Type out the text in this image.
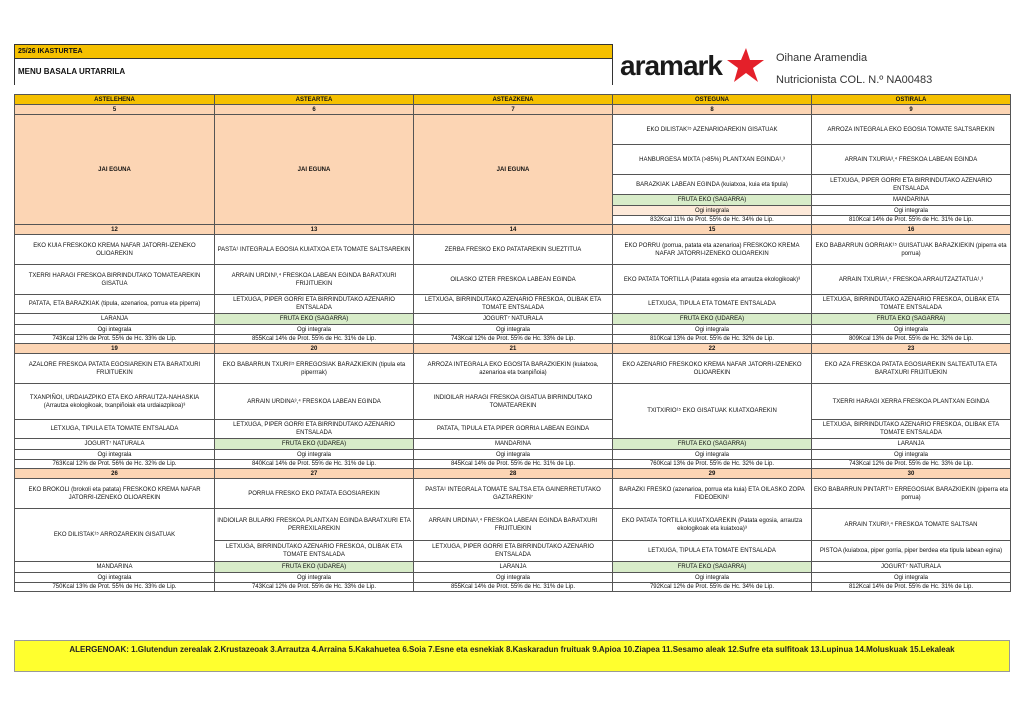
25/26 IKASTURTEA
MENU BASALA URTARRILA	aramark	Oihane Aramendia
Nutricionista COL. N.º NA00483
ASTELEHENA	ASTEARTEA	ASTEAZKENA	OSTEGUNA	OSTIRALA
5	6	7	8	9
JAI EGUNA	JAI EGUNA	JAI EGUNA	EKO DILISTAK¹⁵ AZENARIOAREKIN GISATUAK	ARROZA INTEGRALA EKO EGOSIA TOMATE SALTSAREKIN
			HANBURGESA MIXTA (>85%) PLANTXAN EGINDA¹,³	ARRAIN TXURIA³,⁴ FRESKOA LABEAN EGINDA
			BARAZKIAK LABEAN EGINDA (kuiatxoa, kuia eta tipula)	LETXUGA, PIPER GORRI ETA BIRRINDUTAKO AZENARIO ENTSALADA
			FRUTA EKO (SAGARRA)	MANDARINA
			Ogi integrala	Ogi integrala
			832Kcal 11% de Prot. 55% de Hc. 34% de Lip.	810Kcal 14% de Prot. 55% de Hc. 31% de Lip.
12	13	14	15	16
EKO KUIA FRESKOKO KREMA NAFAR JATORRI-IZENEKO OLIOAREKIN	PASTA¹ INTEGRALA EGOSIA KUIATXOA ETA TOMATE SALTSAREKIN	ZERBA FRESKO EKO PATATAREKIN SUEZTITUA	EKO PORRU (porrua, patata eta azenarioa) FRESKOKO KREMA NAFAR JATORRI-IZENEKO OLIOAREKIN	EKO BABARRUN GORRIAK¹⁵ GUISATUAK BARAZKIEKIN (piperra eta porrua)
TXERRI HARAGI FRESKOA BIRRINDUTAKO TOMATEAREKIN GISATUA	ARRAIN URDIN³,⁴ FRESKOA LABEAN EGINDA BARATXURI FRIJITUEKIN	OILASKO IZTER FRESKOA LABEAN EGINDA	EKO PATATA TORTILLA (Patata egosia eta arrautza ekologikoak)³	ARRAIN TXURIA³,⁴ FRESKOA ARRAUTZAZTATUA¹,³
PATATA, ETA BARAZKIAK (tipula, azenarioa, porrua eta piperra)	LETXUGA, PIPER GORRI ETA BIRRINDUTAKO AZENARIO ENTSALADA	LETXUGA, BIRRINDUTAKO AZENARIO FRESKOA, OLIBAK ETA TOMATE ENTSALADA	LETXUGA, TIPULA ETA TOMATE ENTSALADA	LETXUGA, BIRRINDUTAKO AZENARIO FRESKOA, OLIBAK ETA TOMATE ENTSALADA
LARANJA	FRUTA EKO (SAGARRA)	JOGURT⁷ NATURALA	FRUTA EKO (UDAREA)	FRUTA EKO (SAGARRA)
Ogi integrala	Ogi integrala	Ogi integrala	Ogi integrala	Ogi integrala
743Kcal 12% de Prot. 55% de Hc. 33% de Lip.	855Kcal 14% de Prot. 55% de Hc. 31% de Lip.	743Kcal 12% de Prot. 55% de Hc. 33% de Lip.	810Kcal 13% de Prot. 55% de Hc. 32% de Lip.	809Kcal 13% de Prot. 55% de Hc. 32% de Lip.
19	20	21	22	23
AZALORE FRESKOA PATATA EGOSIAREKIN ETA BARATXURI FRIJITUEKIN	EKO BABARRUN TXURI¹⁵ ERREGOSIAK BARAZKIEKIN (tipula eta piperrrak)	ARROZA INTEGRALA EKO EGOSITA BARAZKIEKIN (kuiatxoa, azenarioa eta txanpiñoia)	EKO AZENARIO FRESKOKO KREMA NAFAR JATORRI-IZENEKO OLIOAREKIN	EKO AZA FRESKOA PATATA EGOSIAREKIN SALTEATUTA ETA BARATXURI FRIJITUEKIN
TXANPIÑOI, URDAIAZPIKO ETA EKO ARRAUTZA-NAHASKIA (Arrautza ekologikoak, txanpiñoiak eta urdaiazpikoa)³	ARRAIN URDINA³,⁴ FRESKOA LABEAN EGINDA	INDIOILAR HARAGI FRESKOA GISATUA BIRRINDUTAKO TOMATEAREKIN	TXITXIRIO¹⁵ EKO GISATUAK KUIATXOAREKIN	TXERRI HARAGI XERRA FRESKOA PLANTXAN EGINDA
LETXUGA, TIPULA ETA TOMATE ENTSALADA	LETXUGA, PIPER GORRI ETA BIRRINDUTAKO AZENARIO ENTSALADA	PATATA, TIPULA ETA PIPER GORRIA LABEAN EGINDA		LETXUGA, BIRRINDUTAKO AZENARIO FRESKOA, OLIBAK ETA TOMATE ENTSALADA
JOGURT⁷ NATURALA	FRUTA EKO (UDAREA)	MANDARINA	FRUTA EKO (SAGARRA)	LARANJA
Ogi integrala	Ogi integrala	Ogi integrala	Ogi integrala	Ogi integrala
763Kcal 12% de Prot. 56% de Hc. 32% de Lip.	840Kcal 14% de Prot. 55% de Hc. 31% de Lip.	845Kcal 14% de Prot. 55% de Hc. 31% de Lip.	760Kcal 13% de Prot. 55% de Hc. 32% de Lip.	743Kcal 12% de Prot. 55% de Hc. 33% de Lip.
26	27	28	29	30
EKO BROKOLI (brokoli eta patata) FRESKOKO KREMA NAFAR JATORRI-IZENEKO OLIOAREKIN	PORRUA FRESKO EKO PATATA EGOSIAREKIN	PASTA¹ INTEGRALA TOMATE SALTSA ETA GAINERRETUTAKO GAZTAREKIN⁷	BARAZKI FRESKO (azenarioa, porrua eta kuia) ETA OILASKO ZOPA FIDEOEKIN¹	EKO BABARRUN PINTART¹⁵ ERREGOSIAK BARAZKIEKIN (piperra eta porrua)
EKO DILISTAK¹⁵ ARROZAREKIN GISATUAK	INDIOILAR BULARKI FRESKOA PLANTXAN EGINDA BARATXURI ETA PERREXILAREKIN	ARRAIN URDINA³,⁴ FRESKOA LABEAN EGINDA BARATXURI FRIJITUEKIN	EKO PATATA TORTILLA KUIATXOAREKIN (Patata egosia, arrautza ekologikoak eta kuiatxoa)³	ARRAIN TXURI³,⁴ FRESKOA TOMATE SALTSAN
	LETXUGA, BIRRINDUTAKO AZENARIO FRESKOA, OLIBAK ETA TOMATE ENTSALADA	LETXUGA, PIPER GORRI ETA BIRRINDUTAKO AZENARIO ENTSALADA	LETXUGA, TIPULA ETA TOMATE ENTSALADA	PISTOA (kuiatxoa, piper gorria, piper berdea eta tipula labean egina)
MANDARINA	FRUTA EKO (UDAREA)	LARANJA	FRUTA EKO (SAGARRA)	JOGURT⁷ NATURALA
Ogi integrala	Ogi integrala	Ogi integrala	Ogi integrala	Ogi integrala
750Kcal 13% de Prot. 55% de Hc. 33% de Lip.	743Kcal 12% de Prot. 55% de Hc. 33% de Lip.	855Kcal 14% de Prot. 55% de Hc. 31% de Lip.	792Kcal 12% de Prot. 55% de Hc. 34% de Lip.	812Kcal 14% de Prot. 55% de Hc. 31% de Lip.
ALERGENOAK: 1.Glutendun zerealak 2.Krustazeoak 3.Arrautza 4.Arraina 5.Kakahuetea 6.Soia 7.Esne eta esnekiak 8.Kaskaradun fruituak 9.Apioa 10.Ziapea 11.Sesamo aleak 12.Sufre eta sulfitoak 13.Lupinua 14.Moluskuak 15.Lekaleak
